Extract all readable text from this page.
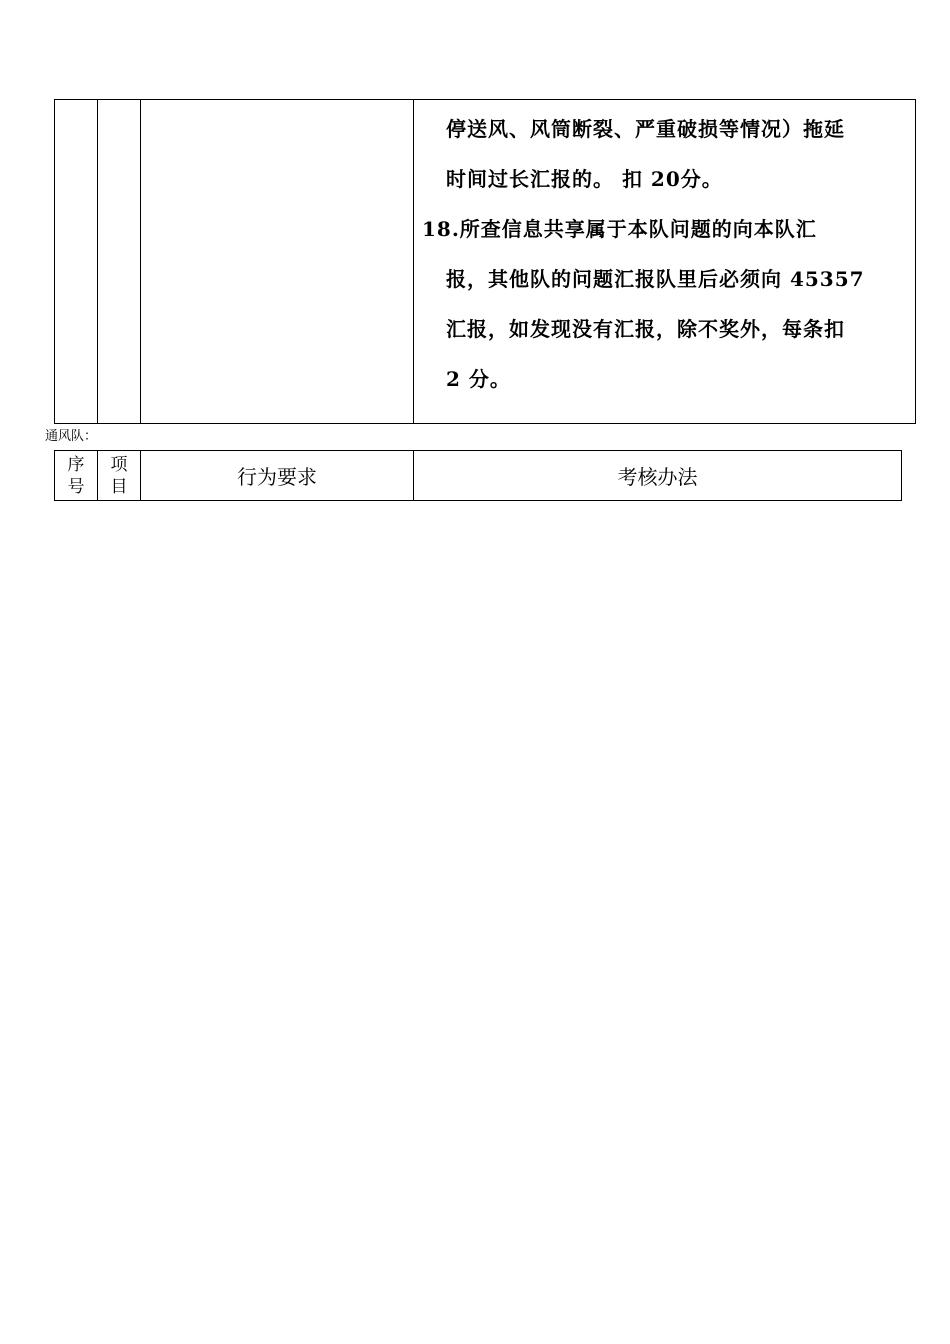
停送风、风筒断裂、严重破损等情况）拖延
时间过长汇报的。 扣 20分。
18.所查信息共享属于本队问题的向本队汇
报，其他队的问题汇报队里后必须向 45357
汇报，如发现没有汇报，除不奖外，每条扣
2 分。
通风队：
序号
项目	行为要求	考核办法
